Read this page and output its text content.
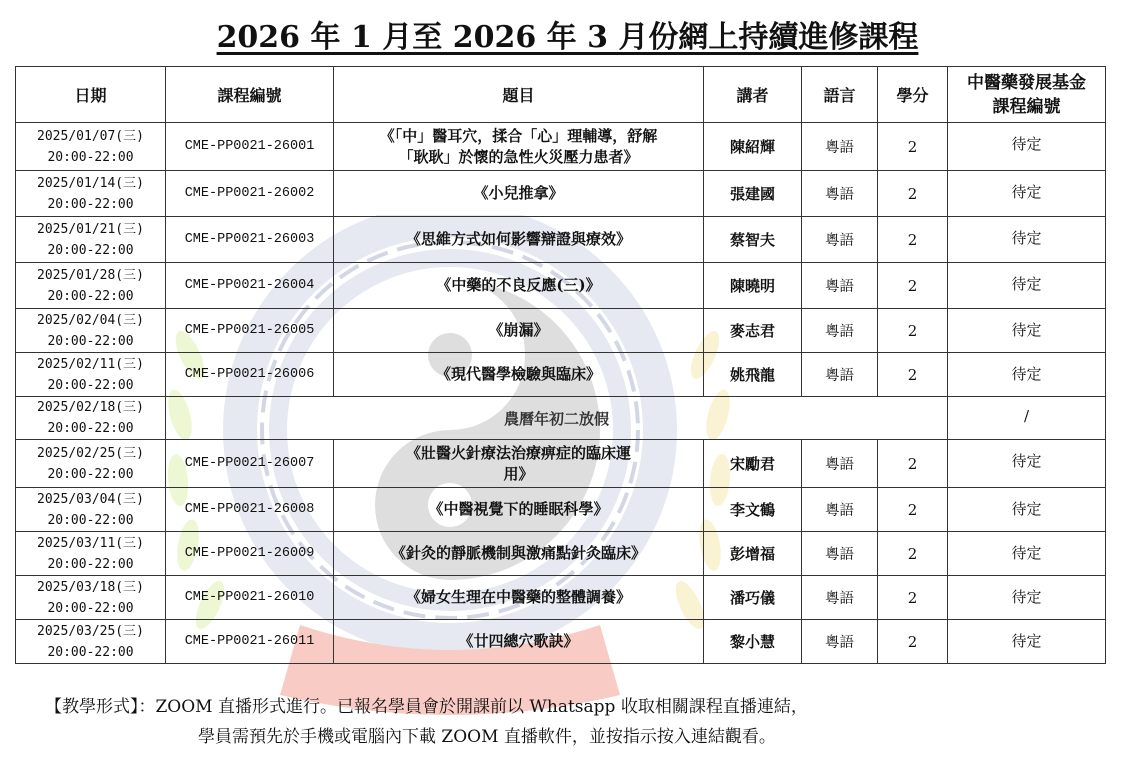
2026 年 1 月至 2026 年 3 月份網上持續進修課程
日期	課程編號	題目	講者	語言	學分	中醫藥發展基金
課程編號
2025/01/07(三)
20:00-22:00	CME-PP0021-26001	《「中」醫耳穴，揉合「心」理輔導，舒解
「耿耿」於懷的急性火災壓力患者》	陳紹輝	粵語	2	待定
2025/01/14(三)
20:00-22:00	CME-PP0021-26002	《小兒推拿》	張建國	粵語	2	待定
2025/01/21(三)
20:00-22:00	CME-PP0021-26003	《思維方式如何影響辯證與療效》	蔡智夫	粵語	2	待定
2025/01/28(三)
20:00-22:00	CME-PP0021-26004	《中藥的不良反應(三)》	陳曉明	粵語	2	待定
2025/02/04(三)
20:00-22:00	CME-PP0021-26005	《崩漏》	麥志君	粵語	2	待定
2025/02/11(三)
20:00-22:00	CME-PP0021-26006	《現代醫學檢驗與臨床》	姚飛龍	粵語	2	待定
2025/02/18(三)
20:00-22:00	農曆年初二放假					/
2025/02/25(三)
20:00-22:00	CME-PP0021-26007	《壯醫火針療法治療痹症的臨床運
用》	宋勵君	粵語	2	待定
2025/03/04(三)
20:00-22:00	CME-PP0021-26008	《中醫視覺下的睡眠科學》	李文鶴	粵語	2	待定
2025/03/11(三)
20:00-22:00	CME-PP0021-26009	《針灸的靜脈機制與激痛點針灸臨床》	彭增福	粵語	2	待定
2025/03/18(三)
20:00-22:00	CME-PP0021-26010	《婦女生理在中醫藥的整體調養》	潘巧儀	粵語	2	待定
2025/03/25(三)
20:00-22:00	CME-PP0021-26011	《廿四總穴歌訣》	黎小慧	粵語	2	待定
【教學形式】：ZOOM 直播形式進行。已報名學員會於開課前以 Whatsapp 收取相關課程直播連結，
學員需預先於手機或電腦內下載 ZOOM 直播軟件，並按指示按入連結觀看。
